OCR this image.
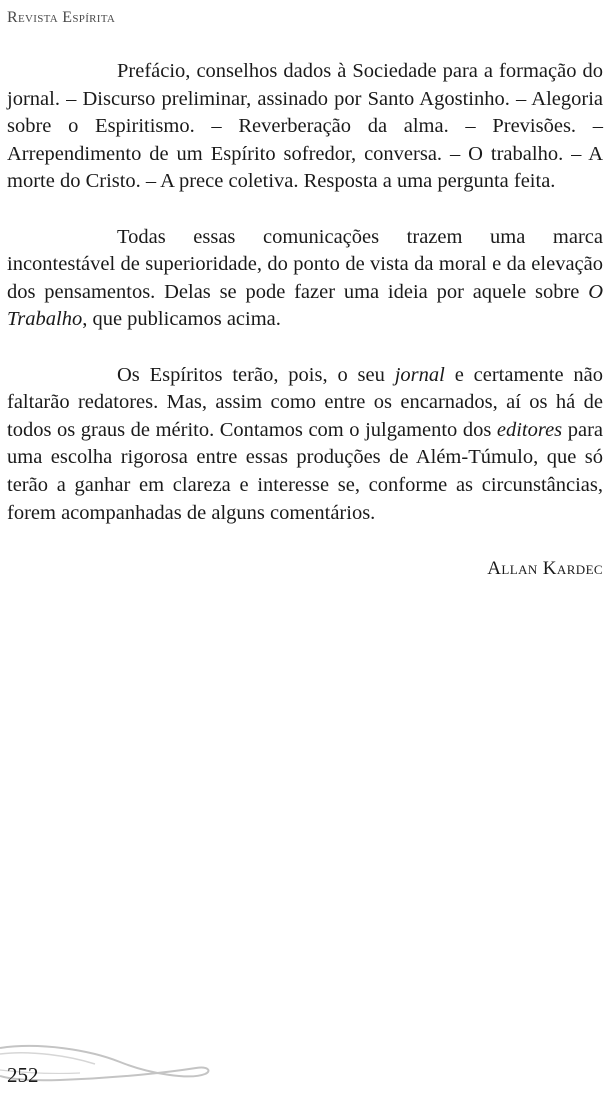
Revista Espírita

Prefácio, conselhos dados à Sociedade para a formação do jornal. – Discurso preliminar, assinado por Santo Agostinho. – Alegoria sobre o Espiritismo. – Reverberação da alma. – Previsões. – Arrependimento de um Espírito sofredor, conversa. – O trabalho. – A morte do Cristo. – A prece coletiva. Resposta a uma pergunta feita.

Todas essas comunicações trazem uma marca incontestável de superioridade, do ponto de vista da moral e da elevação dos pensamentos. Delas se pode fazer uma ideia por aquele sobre O Trabalho, que publicamos acima.

Os Espíritos terão, pois, o seu jornal e certamente não faltarão redatores. Mas, assim como entre os encarnados, aí os há de todos os graus de mérito. Contamos com o julgamento dos editores para uma escolha rigorosa entre essas produções de Além-Túmulo, que só terão a ganhar em clareza e interesse se, conforme as circunstâncias, forem acompanhadas de alguns comentários.

Allan Kardec

252
